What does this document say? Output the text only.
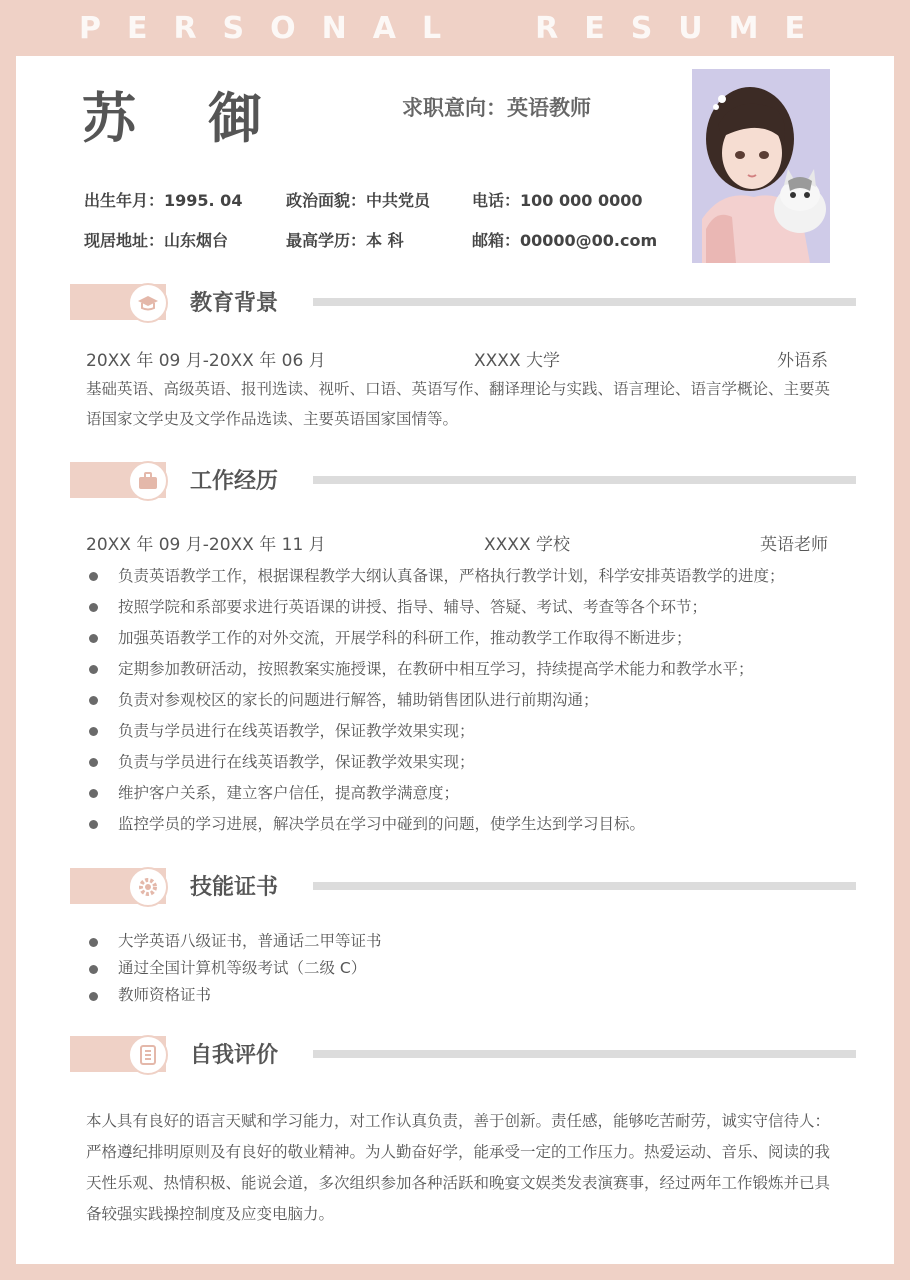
PERSONAL RESUME
苏御	求职意向：英语教师
出生年月：1995. 04	政治面貌：中共党员	电话：100 000 0000
现居地址：山东烟台	最高学历：本 科	邮箱：00000@00.com
教育背景
20XX 年 09 月-20XX 年 06 月	XXXX 大学	外语系
基础英语、高级英语、报刊选读、视听、口语、英语写作、翻译理论与实践、语言理论、语言学概论、主要英语国家文学史及文学作品选读、主要英语国家国情等。
工作经历
20XX 年 09 月-20XX 年 11 月	XXXX 学校	英语老师
负责英语教学工作，根据课程教学大纲认真备课，严格执行教学计划，科学安排英语教学的进度；
按照学院和系部要求进行英语课的讲授、指导、辅导、答疑、考试、考查等各个环节；
加强英语教学工作的对外交流，开展学科的科研工作，推动教学工作取得不断进步；
定期参加教研活动，按照教案实施授课，在教研中相互学习，持续提高学术能力和教学水平；
负责对参观校区的家长的问题进行解答，辅助销售团队进行前期沟通；
负责与学员进行在线英语教学，保证教学效果实现；
负责与学员进行在线英语教学，保证教学效果实现；
维护客户关系，建立客户信任，提高教学满意度；
监控学员的学习进展，解决学员在学习中碰到的问题，使学生达到学习目标。
技能证书
大学英语八级证书，普通话二甲等证书
通过全国计算机等级考试（二级 C）
教师资格证书
自我评价
本人具有良好的语言天赋和学习能力，对工作认真负责，善于创新。责任感，能够吃苦耐劳，诚实守信待人：严格遵纪排明原则及有良好的敬业精神。为人勤奋好学，能承受一定的工作压力。热爱运动、音乐、阅读的我天性乐观、热情积极、能说会道，多次组织参加各种活跃和晚宴文娱类发表演赛事，经过两年工作锻炼并已具备较强实践操控制度及应变电脑力。
